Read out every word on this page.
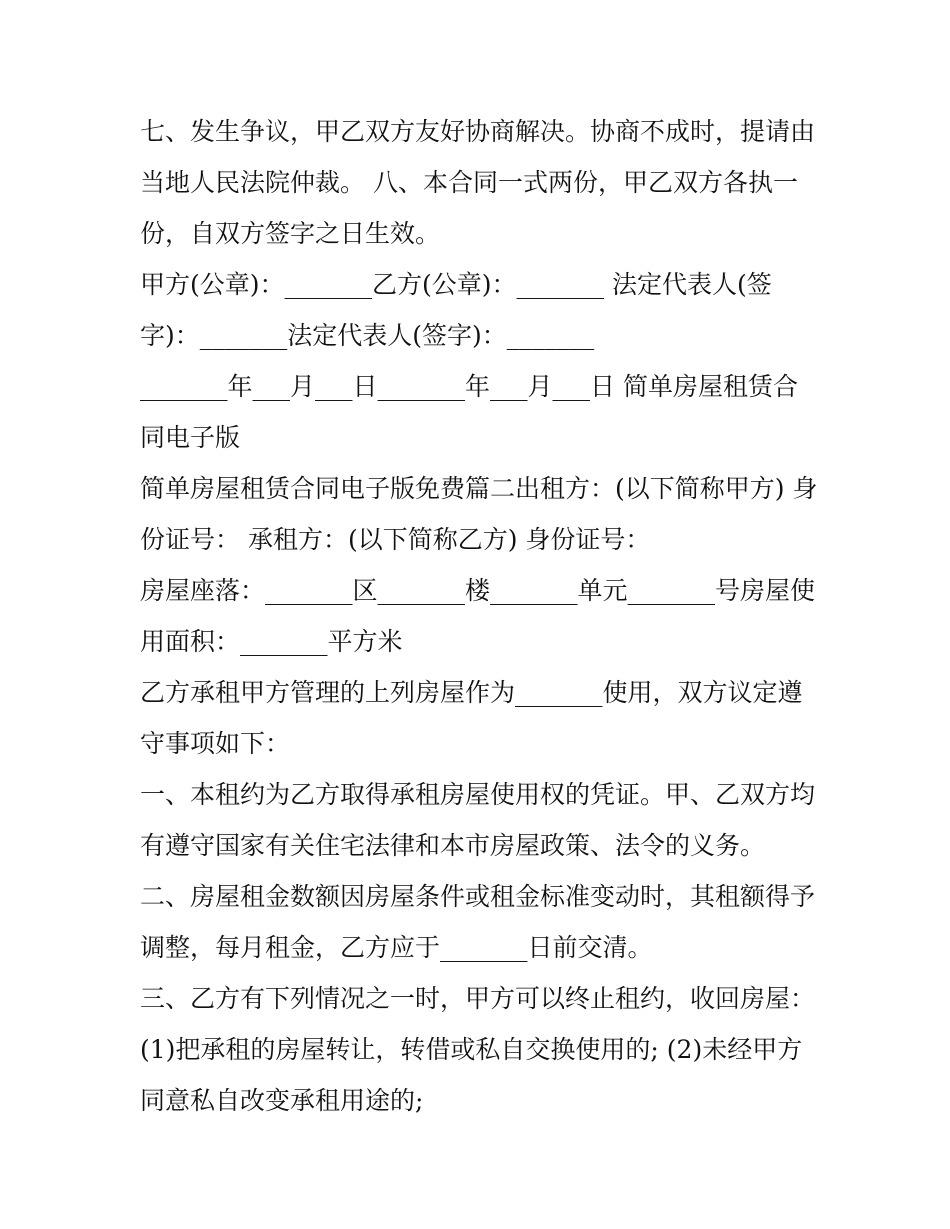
七、发生争议，甲乙双方友好协商解决。协商不成时，提请由当地人民法院仲裁。 八、本合同一式两份，甲乙双方各执一份，自双方签字之日生效。

甲方(公章)：_______乙方(公章)：_______ 法定代表人(签字)：_______法定代表人(签字)：_______

_______年___月___日_______年___月___日 简单房屋租赁合同电子版

简单房屋租赁合同电子版免费篇二出租方：(以下简称甲方) 身份证号： 承租方：(以下简称乙方) 身份证号：

房屋座落：_______区_______楼_______单元_______号房屋使用面积：_______平方米

乙方承租甲方管理的上列房屋作为_______使用，双方议定遵守事项如下：

一、本租约为乙方取得承租房屋使用权的凭证。甲、乙双方均有遵守国家有关住宅法律和本市房屋政策、法令的义务。

二、房屋租金数额因房屋条件或租金标准变动时，其租额得予调整，每月租金，乙方应于_______日前交清。

三、乙方有下列情况之一时，甲方可以终止租约，收回房屋：

(1)把承租的房屋转让，转借或私自交换使用的; (2)未经甲方同意私自改变承租用途的;
